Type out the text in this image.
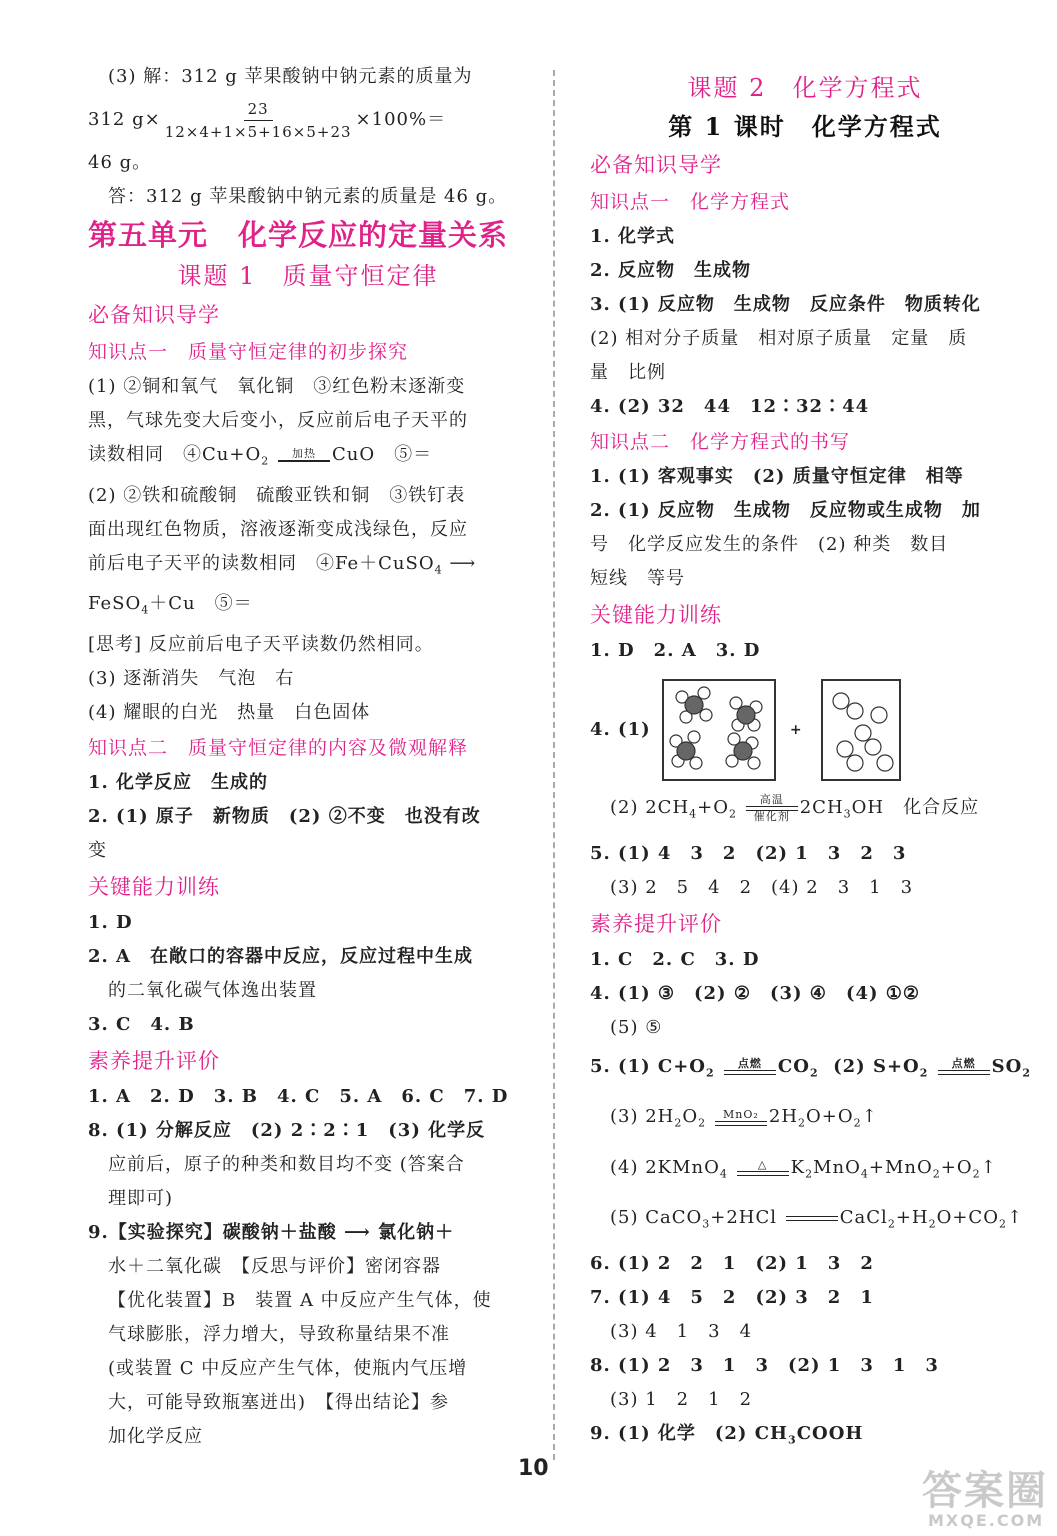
(3) 解：312 g 苹果酸钠中钠元素的质量为
312 $g\times \frac{23}{12\times 4+1\times 5+16\times 5+23} \times 100\%=$
46 g。
答：312 g 苹果酸钠中钠元素的质量是 46 g。
第五单元　化学反应的定量关系
课题 1　质量守恒定律
必备知识导学
知识点一　质量守恒定律的初步探究
(1) ②铜和氧气　氧化铜　③红色粉末逐渐变
黑，气球先变大后变小，反应前后电子天平的
读数相同　$④Cu+O_2$
加热 CuO　⑤＝
(2) ②铁和硫酸铜　硫酸亚铁和铜　③铁钉表
面出现红色物质，溶液逐渐变成浅绿色，反应
前后电子天平的读数相同　④Fe＋CuSO$_4$ ⟶
FeSO$_4$＋Cu　⑤＝
[思考] 反应前后电子天平读数仍然相同。
(3) 逐渐消失　气泡　右
(4) 耀眼的白光　热量　白色固体
知识点二　质量守恒定律的内容及微观解释
1. 化学反应　生成的
2. (1) 原子　新物质　(2) ②不变　也没有改
变
关键能力训练
1. D
2. A　在敞口的容器中反应，反应过程中生成
的二氧化碳气体逸出装置
3. C　4. B
素养提升评价
1. A　2. D　3. B　4. C　5. A　6. C　7. D
8. (1) 分解反应　(2) 2∶2∶1　(3) 化学反
应前后，原子的种类和数目均不变 (答案合
理即可)
9.【实验探究】碳酸钠＋盐酸 ⟶ 氯化钠＋
水＋二氧化碳　【反思与评价】密闭容器
【优化装置】B　装置 A 中反应产生气体，使
气球膨胀，浮力增大，导致称量结果不准
(或装置 C 中反应产生气体，使瓶内气压增
大，可能导致瓶塞迸出)　【得出结论】参
加化学反应
课题 2　化学方程式
第 1 课时　化学方程式
必备知识导学
知识点一　化学方程式
1. 化学式
2. 反应物　生成物
3. (1) 反应物　生成物　反应条件　物质转化
(2) 相对分子质量　相对原子质量　定量　质
量　比例
4. (2) 32　44　12∶32∶44
知识点二　化学方程式的书写
1. (1) 客观事实　(2) 质量守恒定律　相等
2. (1) 反应物　生成物　反应物或生成物　加
号　化学反应发生的条件　(2) 种类　数目
短线　等号
关键能力训练
1. D　2. A　3. D
4. (1)	+
(2) $2CH_4+O_2$
高温
催化剂 $2CH_3OH$　化合反应
5. (1) 4　3　2　(2) 1　3　2　3
(3) 2　5　4　2　(4) 2　3　1　3
素养提升评价
1. C　2. C　3. D
4. (1) ③　(2) ②　(3) ④　(4) ①②
(5) ⑤
5. (1) $C+O_2$
点燃 $CO_2$ (2) $S+O_2$
点燃 $SO_2$
(3) $2H_2O_2$
MnO₂ $2H_2O+O_2↑$
(4) 2KMnO$_4$
△ $K_2MnO_4+MnO_2+O_2↑$
(5) CaCO$_3$+2HCl	$CaCl_2+H_2O+CO_2↑$
6. (1) 2　2　1　(2) 1　3　2
7. (1) 4　5　2　(2) 3　2　1
(3) 4　1　3　4
8. (1) 2　3　1　3　(2) 1　3　1　3
(3) 1　2　1　2
9. (1) 化学　(2) $CH_3COOH$
10	答案圈
MXQE.COM
